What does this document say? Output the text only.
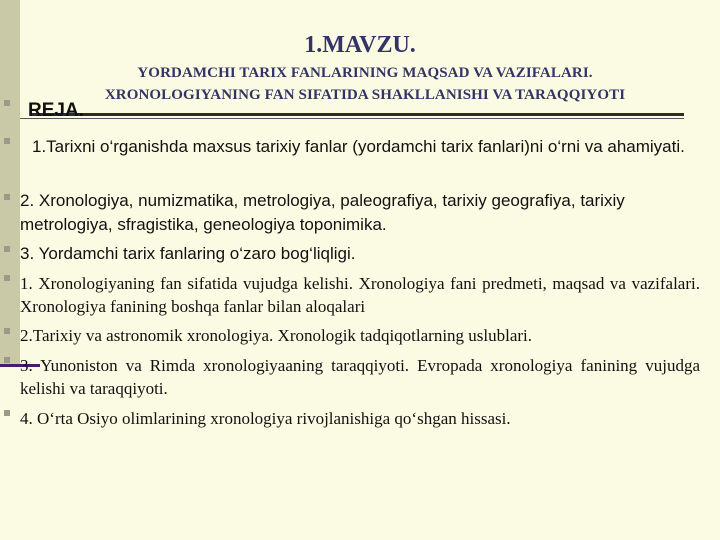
1.MAVZU.
YORDAMCHI TARIX FANLARINING MAQSAD VA VAZIFALARI.
XRONOLOGIYANING FAN SIFATIDA SHAKLLANISHI VA TARAQQIYOTI
REJA.
1.Tarixni o‘rganishda maxsus tarixiy fanlar (yordamchi tarix fanlari)ni o‘rni va ahamiyati.
2. Xronologiya, numizmatika, metrologiya, paleografiya, tarixiy geografiya, tarixiy metrologiya, sfragistika, geneologiya toponimika.
3. Yordamchi tarix fanlaring o‘zaro bog‘liqligi.
1. Xronologiyaning fan sifatida vujudga kelishi. Xronologiya fani predmeti, maqsad va vazifalari. Xronologiya fanining boshqa fanlar bilan aloqalari
2.Tarixiy va astronomik xronologiya. Xronologik tadqiqotlarning uslublari.
3. Yunoniston va Rimda xronologiyaaning taraqqiyoti. Evropada xronologiya fanining vujudga kelishi va taraqqiyoti.
4. O‘rta Osiyo olimlarining xronologiya rivojlanishiga qo‘shgan hissasi.
